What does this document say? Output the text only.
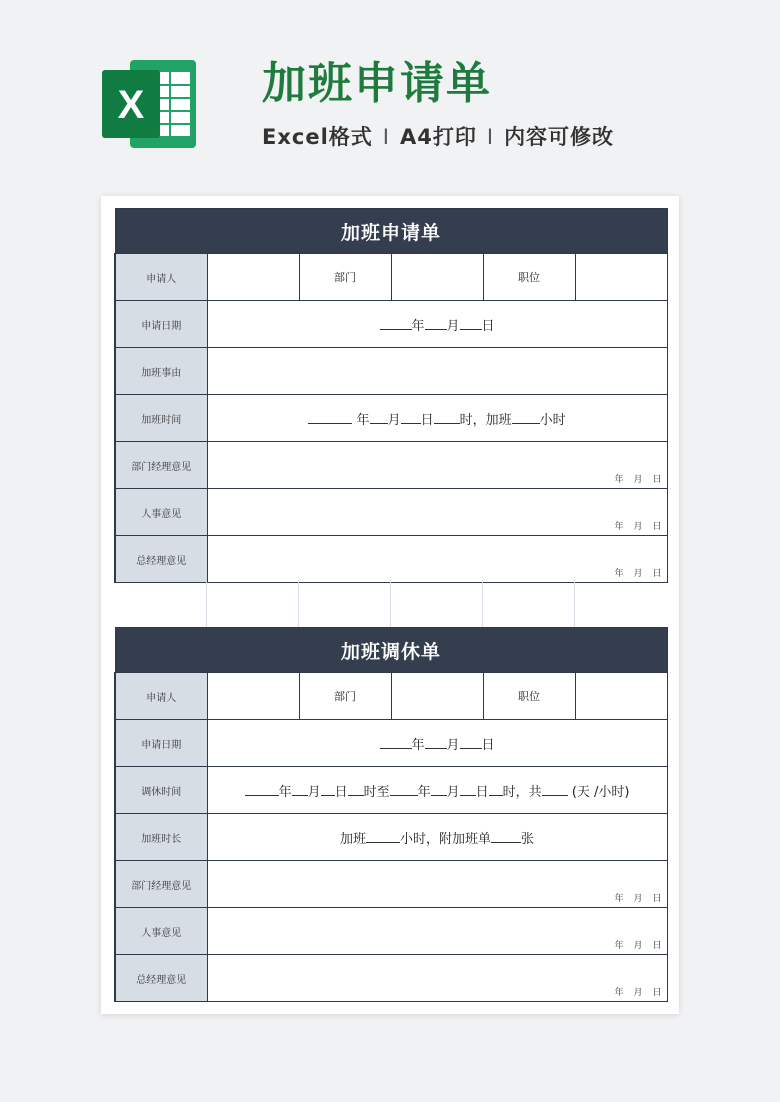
X	加班申请单
Excel格式 I A4打印 I 内容可修改
加班申请单					
申请人		部门		职位	
申请日期	年 月 日				
加班事由					
加班时间	年 月 日 时，加班 小时				
部门经理意见	年 月 日				

人事意见	年 月 日				

总经理意见	年 月 日				
加班调休单					
申请人		部门		职位	
申请日期	年 月 日				
调休时间	年 月 日 时至 年 月 日 时，共 (天 /小时)				
加班时长	加班 小时，附加班单 张				
部门经理意见	年 月 日				

人事意见	年 月 日				

总经理意见	年 月 日				
